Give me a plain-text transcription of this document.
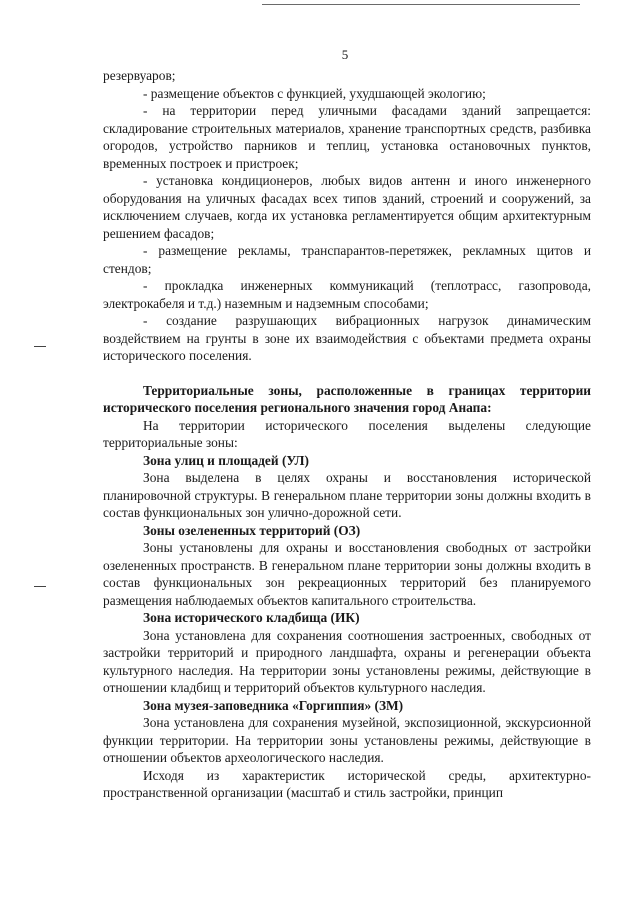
5

резервуаров;

- размещение объектов с функцией, ухудшающей экологию;

- на территории перед уличными фасадами зданий запрещается: складирование строительных материалов, хранение транспортных средств, разбивка огородов, устройство парников и теплиц, установка остановочных пунктов, временных построек и пристроек;

- установка кондиционеров, любых видов антенн и иного инженерного оборудования на уличных фасадах всех типов зданий, строений и сооружений, за исключением случаев, когда их установка регламентируется общим архитектурным решением фасадов;

- размещение рекламы, транспарантов-перетяжек, рекламных щитов и стендов;

- прокладка инженерных коммуникаций (теплотрасс, газопровода, электрокабеля и т.д.) наземным и надземным способами;

- создание разрушающих вибрационных нагрузок динамическим воздействием на грунты в зоне их взаимодействия с объектами предмета охраны исторического поселения.

Территориальные зоны, расположенные в границах территории исторического поселения регионального значения город Анапа:

На территории исторического поселения выделены следующие территориальные зоны:

Зона улиц и площадей (УЛ)

Зона выделена в целях охраны и восстановления исторической планировочной структуры. В генеральном плане территории зоны должны входить в состав функциональных зон улично-дорожной сети.

Зоны озелененных территорий (ОЗ)

Зоны установлены для охраны и восстановления свободных от застройки озелененных пространств. В генеральном плане территории зоны должны входить в состав функциональных зон рекреационных территорий без планируемого размещения наблюдаемых объектов капитального строительства.

Зона исторического кладбища (ИК)

Зона установлена для сохранения соотношения застроенных, свободных от застройки территорий и природного ландшафта, охраны и регенерации объекта культурного наследия. На территории зоны установлены режимы, действующие в отношении кладбищ и территорий объектов культурного наследия.

Зона музея-заповедника «Горгиппия» (ЗМ)

Зона установлена для сохранения музейной, экспозиционной, экскурсионной функции территории. На территории зоны установлены режимы, действующие в отношении объектов археологического наследия.

Исходя из характеристик исторической среды, архитектурно-пространственной организации (масштаб и стиль застройки, принцип
